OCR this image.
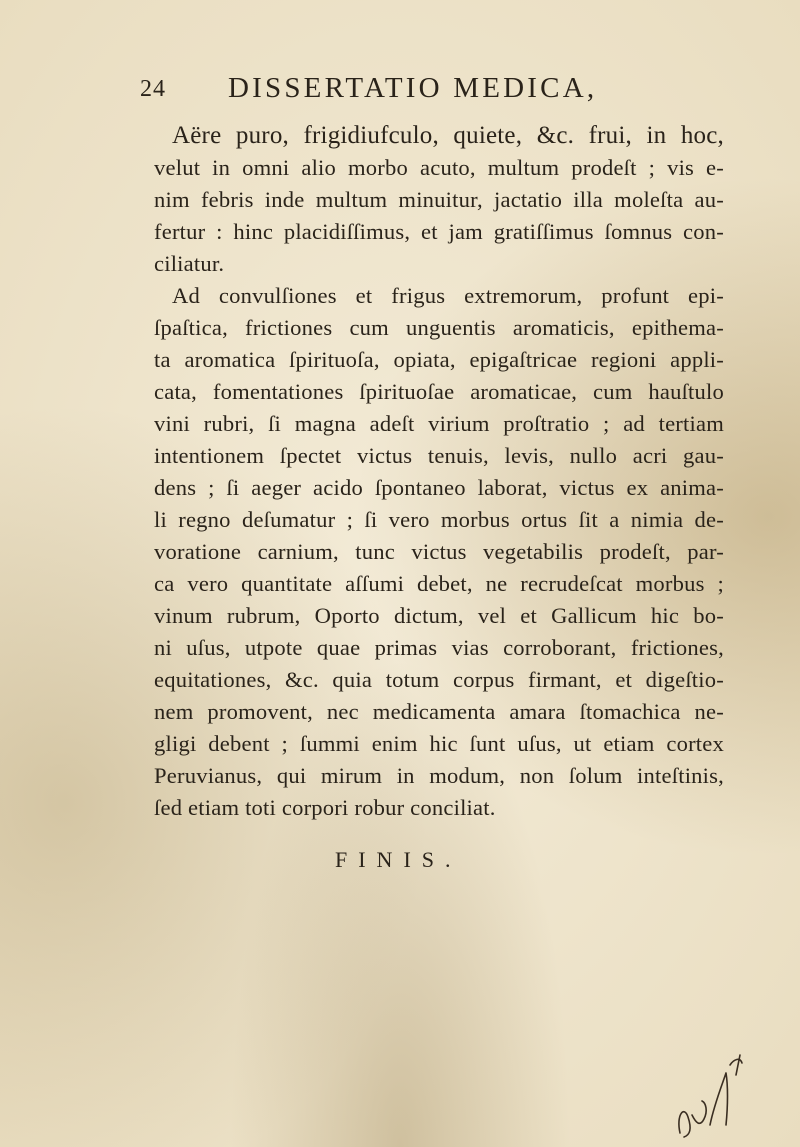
24 DISSERTATIO MEDICA,
Aëre puro, frigidiufculo, quiete, &c. frui, in hoc,
velut in omni alio morbo acuto, multum prodeſt ; vis e-
nim febris inde multum minuitur, jactatio illa moleſta au-
fertur : hinc placidiſſimus, et jam gratiſſimus ſomnus con-
ciliatur.
Ad convulſiones et frigus extremorum, profunt epi-
ſpaſtica, frictiones cum unguentis aromaticis, epithema-
ta aromatica ſpirituoſa, opiata, epigaſtricae regioni appli-
cata, fomentationes ſpirituoſae aromaticae, cum hauſtulo
vini rubri, ſi magna adeſt virium proſtratio ; ad tertiam
intentionem ſpectet victus tenuis, levis, nullo acri gau-
dens ; ſi aeger acido ſpontaneo laborat, victus ex anima-
li regno deſumatur ; ſi vero morbus ortus ſit a nimia de-
voratione carnium, tunc victus vegetabilis prodeſt, par-
ca vero quantitate aſſumi debet, ne recrudeſcat morbus ;
vinum rubrum, Oporto dictum, vel et Gallicum hic bo-
ni uſus, utpote quae primas vias corroborant, frictiones,
equitationes, &c. quia totum corpus firmant, et digeſtio-
nem promovent, nec medicamenta amara ſtomachica ne-
gligi debent ; ſummi enim hic ſunt uſus, ut etiam cortex
Peruvianus, qui mirum in modum, non ſolum inteſtinis,
ſed etiam toti corpori robur conciliat.
FINIS.
